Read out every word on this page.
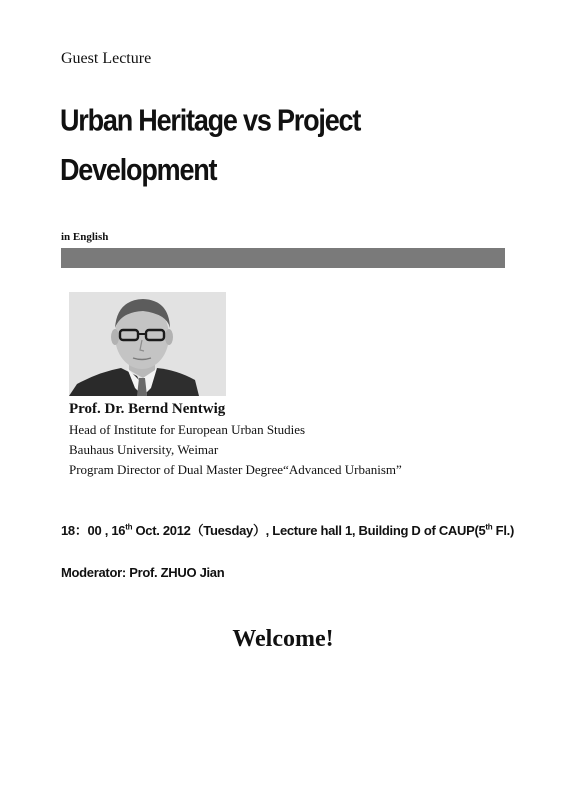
Guest Lecture
Urban Heritage vs Project
Development
in English
Prof. Dr. Bernd Nentwig
Head of Institute for European Urban Studies
Bauhaus University, Weimar
Program Director of Dual Master Degree“Advanced Urbanism”
18：00 , 16th Oct. 2012（Tuesday）, Lecture hall 1, Building D of CAUP(5th Fl.)
Moderator: Prof. ZHUO Jian
Welcome!
